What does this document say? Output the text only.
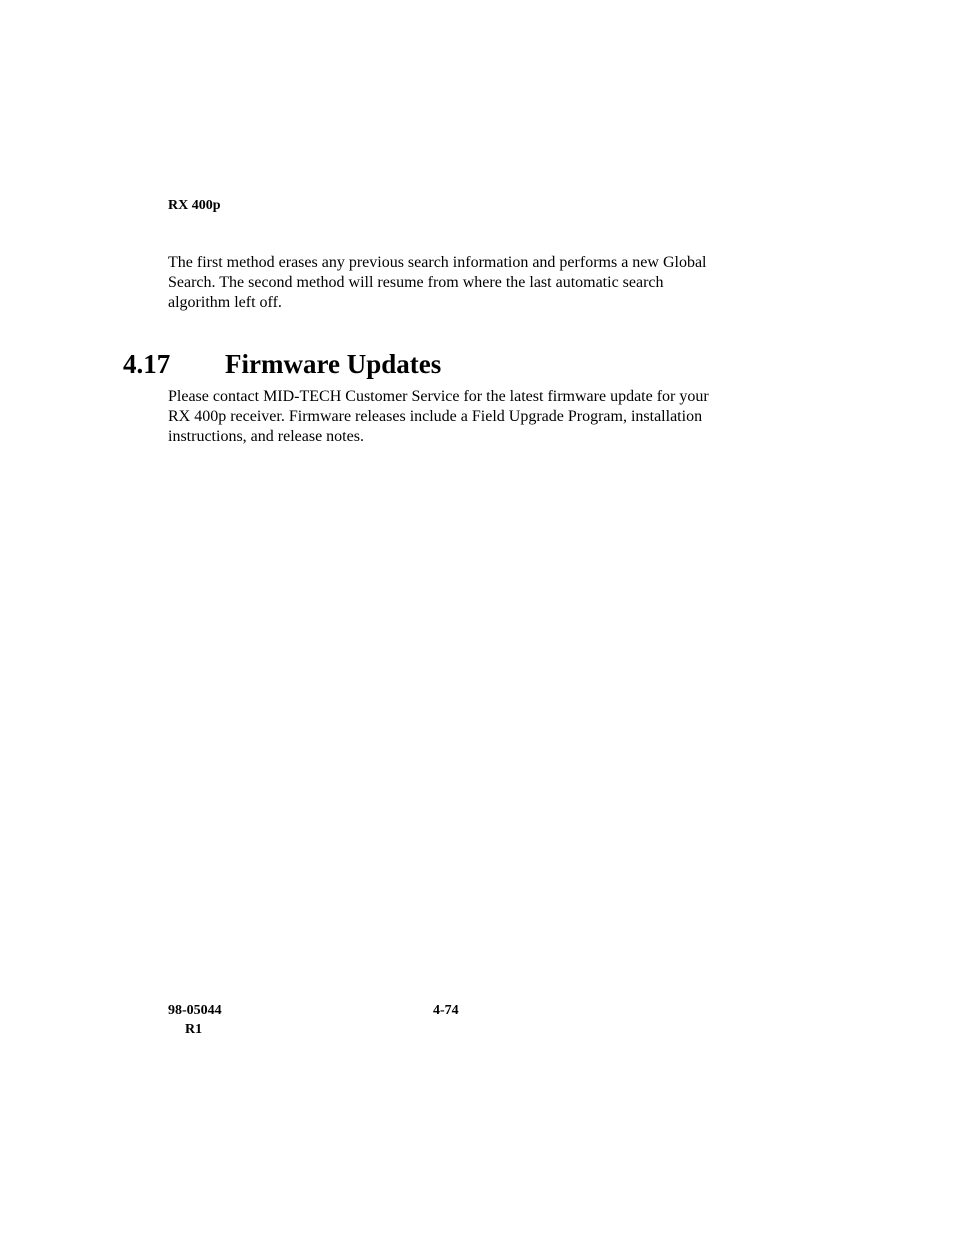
RX 400p
The first method erases any previous search information and performs a new Global
Search. The second method will resume from where the last automatic search
algorithm left off.
4.17 Firmware Updates
Please contact MID-TECH Customer Service for the latest firmware update for your
RX 400p receiver. Firmware releases include a Field Upgrade Program, installation
instructions, and release notes.
98-05044
R1
4-74
